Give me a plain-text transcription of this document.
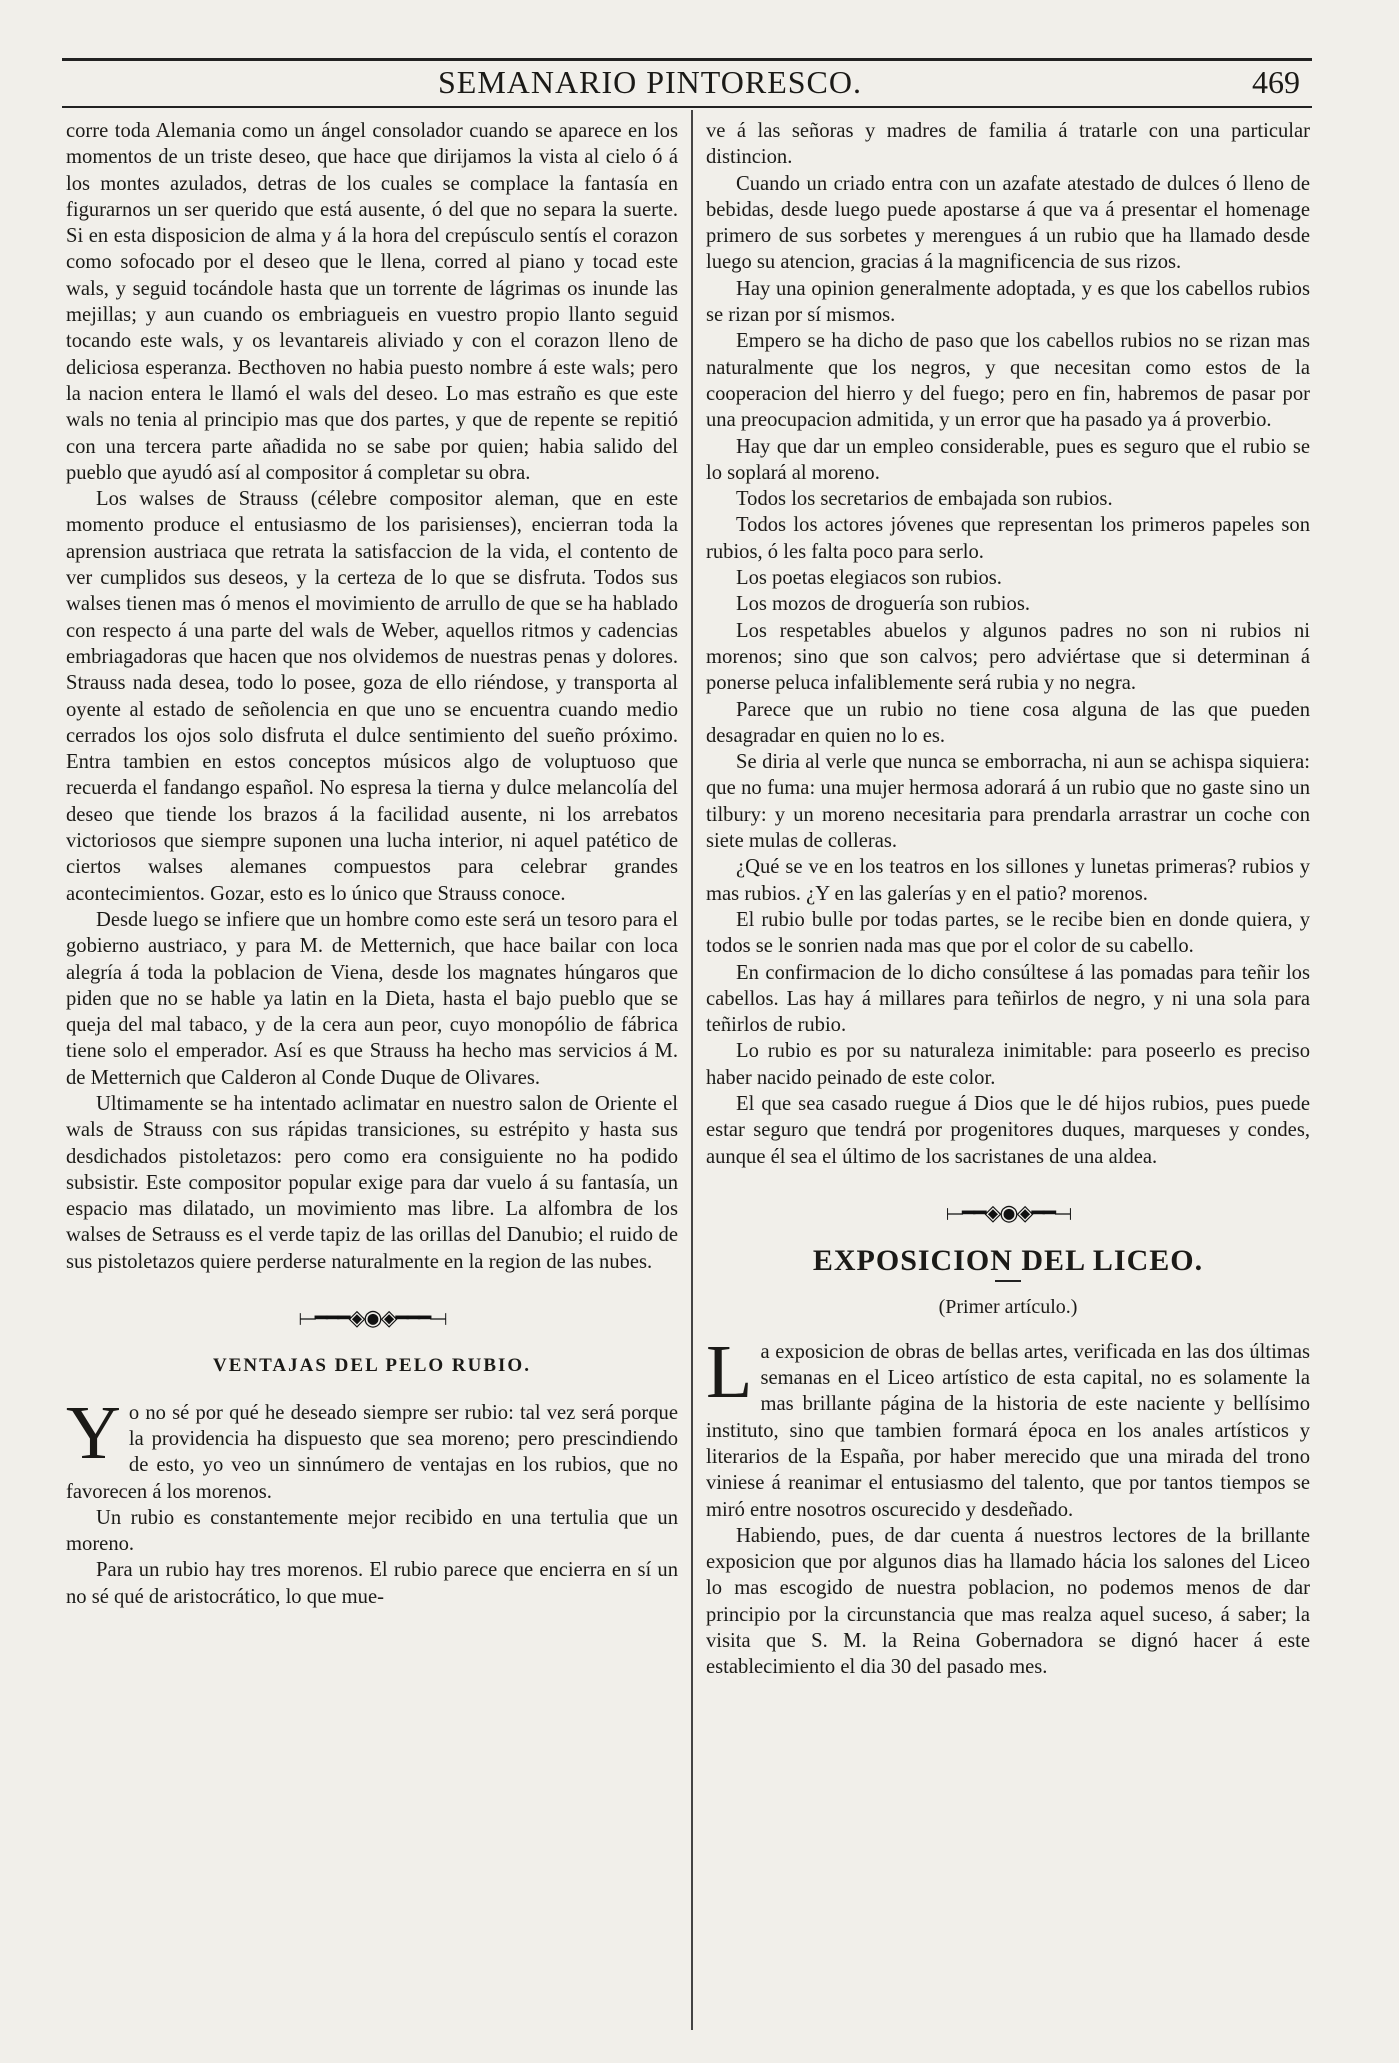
SEMANARIO PINTORESCO.	469

corre toda Alemania como un ángel consolador cuando se aparece en los momentos de un triste deseo, que hace que dirijamos la vista al cielo ó á los montes azulados, detras de los cuales se complace la fantasía en figurarnos un ser querido que está ausente, ó del que no separa la suerte. Si en esta disposicion de alma y á la hora del crepúsculo sentís el corazon como sofocado por el deseo que le llena, corred al piano y tocad este wals, y seguid tocándole hasta que un torrente de lágrimas os inunde las mejillas; y aun cuando os embriagueis en vuestro propio llanto seguid tocando este wals, y os levantareis aliviado y con el corazon lleno de deliciosa esperanza. Becthoven no habia puesto nombre á este wals; pero la nacion entera le llamó el wals del deseo. Lo mas estraño es que este wals no tenia al principio mas que dos partes, y que de repente se repitió con una tercera parte añadida no se sabe por quien; habia salido del pueblo que ayudó así al compositor á completar su obra.

Los walses de Strauss (célebre compositor aleman, que en este momento produce el entusiasmo de los parisienses), encierran toda la aprension austriaca que retrata la satisfaccion de la vida, el contento de ver cumplidos sus deseos, y la certeza de lo que se disfruta. Todos sus walses tienen mas ó menos el movimiento de arrullo de que se ha hablado con respecto á una parte del wals de Weber, aquellos ritmos y cadencias embriagadoras que hacen que nos olvidemos de nuestras penas y dolores. Strauss nada desea, todo lo posee, goza de ello riéndose, y transporta al oyente al estado de señolencia en que uno se encuentra cuando medio cerrados los ojos solo disfruta el dulce sentimiento del sueño próximo. Entra tambien en estos conceptos músicos algo de voluptuoso que recuerda el fandango español. No espresa la tierna y dulce melancolía del deseo que tiende los brazos á la facilidad ausente, ni los arrebatos victoriosos que siempre suponen una lucha interior, ni aquel patético de ciertos walses alemanes compuestos para celebrar grandes acontecimientos. Gozar, esto es lo único que Strauss conoce.

Desde luego se infiere que un hombre como este será un tesoro para el gobierno austriaco, y para M. de Metternich, que hace bailar con loca alegría á toda la poblacion de Viena, desde los magnates húngaros que piden que no se hable ya latin en la Dieta, hasta el bajo pueblo que se queja del mal tabaco, y de la cera aun peor, cuyo monopólio de fábrica tiene solo el emperador. Así es que Strauss ha hecho mas servicios á M. de Metternich que Calderon al Conde Duque de Olivares.

Ultimamente se ha intentado aclimatar en nuestro salon de Oriente el wals de Strauss con sus rápidas transiciones, su estrépito y hasta sus desdichados pistoletazos: pero como era consiguiente no ha podido subsistir. Este compositor popular exige para dar vuelo á su fantasía, un espacio mas dilatado, un movimiento mas libre. La alfombra de los walses de Setrauss es el verde tapiz de las orillas del Danubio; el ruido de sus pistoletazos quiere perderse naturalmente en la region de las nubes.

⟝━━━◈◉◈━━━⟞
VENTAJAS DEL PELO RUBIO.
Y o no sé por qué he deseado siempre ser rubio: tal vez será porque la providencia ha dispuesto que sea moreno; pero prescindiendo de esto, yo veo un sinnúmero de ventajas en los rubios, que no favorecen á los morenos.

Un rubio es constantemente mejor recibido en una tertulia que un moreno.

Para un rubio hay tres morenos. El rubio parece que encierra en sí un no sé qué de aristocrático, lo que mue-

ve á las señoras y madres de familia á tratarle con una particular distincion.

Cuando un criado entra con un azafate atestado de dulces ó lleno de bebidas, desde luego puede apostarse á que va á presentar el homenage primero de sus sorbetes y merengues á un rubio que ha llamado desde luego su atencion, gracias á la magnificencia de sus rizos.

Hay una opinion generalmente adoptada, y es que los cabellos rubios se rizan por sí mismos.

Empero se ha dicho de paso que los cabellos rubios no se rizan mas naturalmente que los negros, y que necesitan como estos de la cooperacion del hierro y del fuego; pero en fin, habremos de pasar por una preocupacion admitida, y un error que ha pasado ya á proverbio.

Hay que dar un empleo considerable, pues es seguro que el rubio se lo soplará al moreno.

Todos los secretarios de embajada son rubios.

Todos los actores jóvenes que representan los primeros papeles son rubios, ó les falta poco para serlo.

Los poetas elegiacos son rubios.

Los mozos de droguería son rubios.

Los respetables abuelos y algunos padres no son ni rubios ni morenos; sino que son calvos; pero adviértase que si determinan á ponerse peluca infaliblemente será rubia y no negra.

Parece que un rubio no tiene cosa alguna de las que pueden desagradar en quien no lo es.

Se diria al verle que nunca se emborracha, ni aun se achispa siquiera: que no fuma: una mujer hermosa adorará á un rubio que no gaste sino un tilbury: y un moreno necesitaria para prendarla arrastrar un coche con siete mulas de colleras.

¿Qué se ve en los teatros en los sillones y lunetas primeras? rubios y mas rubios. ¿Y en las galerías y en el patio? morenos.

El rubio bulle por todas partes, se le recibe bien en donde quiera, y todos se le sonrien nada mas que por el color de su cabello.

En confirmacion de lo dicho consúltese á las pomadas para teñir los cabellos. Las hay á millares para teñirlos de negro, y ni una sola para teñirlos de rubio.

Lo rubio es por su naturaleza inimitable: para poseerlo es preciso haber nacido peinado de este color.

El que sea casado ruegue á Dios que le dé hijos rubios, pues puede estar seguro que tendrá por progenitores duques, marqueses y condes, aunque él sea el último de los sacristanes de una aldea.

⟝━━◈◉◈━━⟞
EXPOSICION DEL LICEO.
(Primer artículo.)
L a exposicion de obras de bellas artes, verificada en las dos últimas semanas en el Liceo artístico de esta capital, no es solamente la mas brillante página de la historia de este naciente y bellísimo instituto, sino que tambien formará época en los anales artísticos y literarios de la España, por haber merecido que una mirada del trono viniese á reanimar el entusiasmo del talento, que por tantos tiempos se miró entre nosotros oscurecido y desdeñado.

Habiendo, pues, de dar cuenta á nuestros lectores de la brillante exposicion que por algunos dias ha llamado hácia los salones del Liceo lo mas escogido de nuestra poblacion, no podemos menos de dar principio por la circunstancia que mas realza aquel suceso, á saber; la visita que S. M. la Reina Gobernadora se dignó hacer á este establecimiento el dia 30 del pasado mes.
